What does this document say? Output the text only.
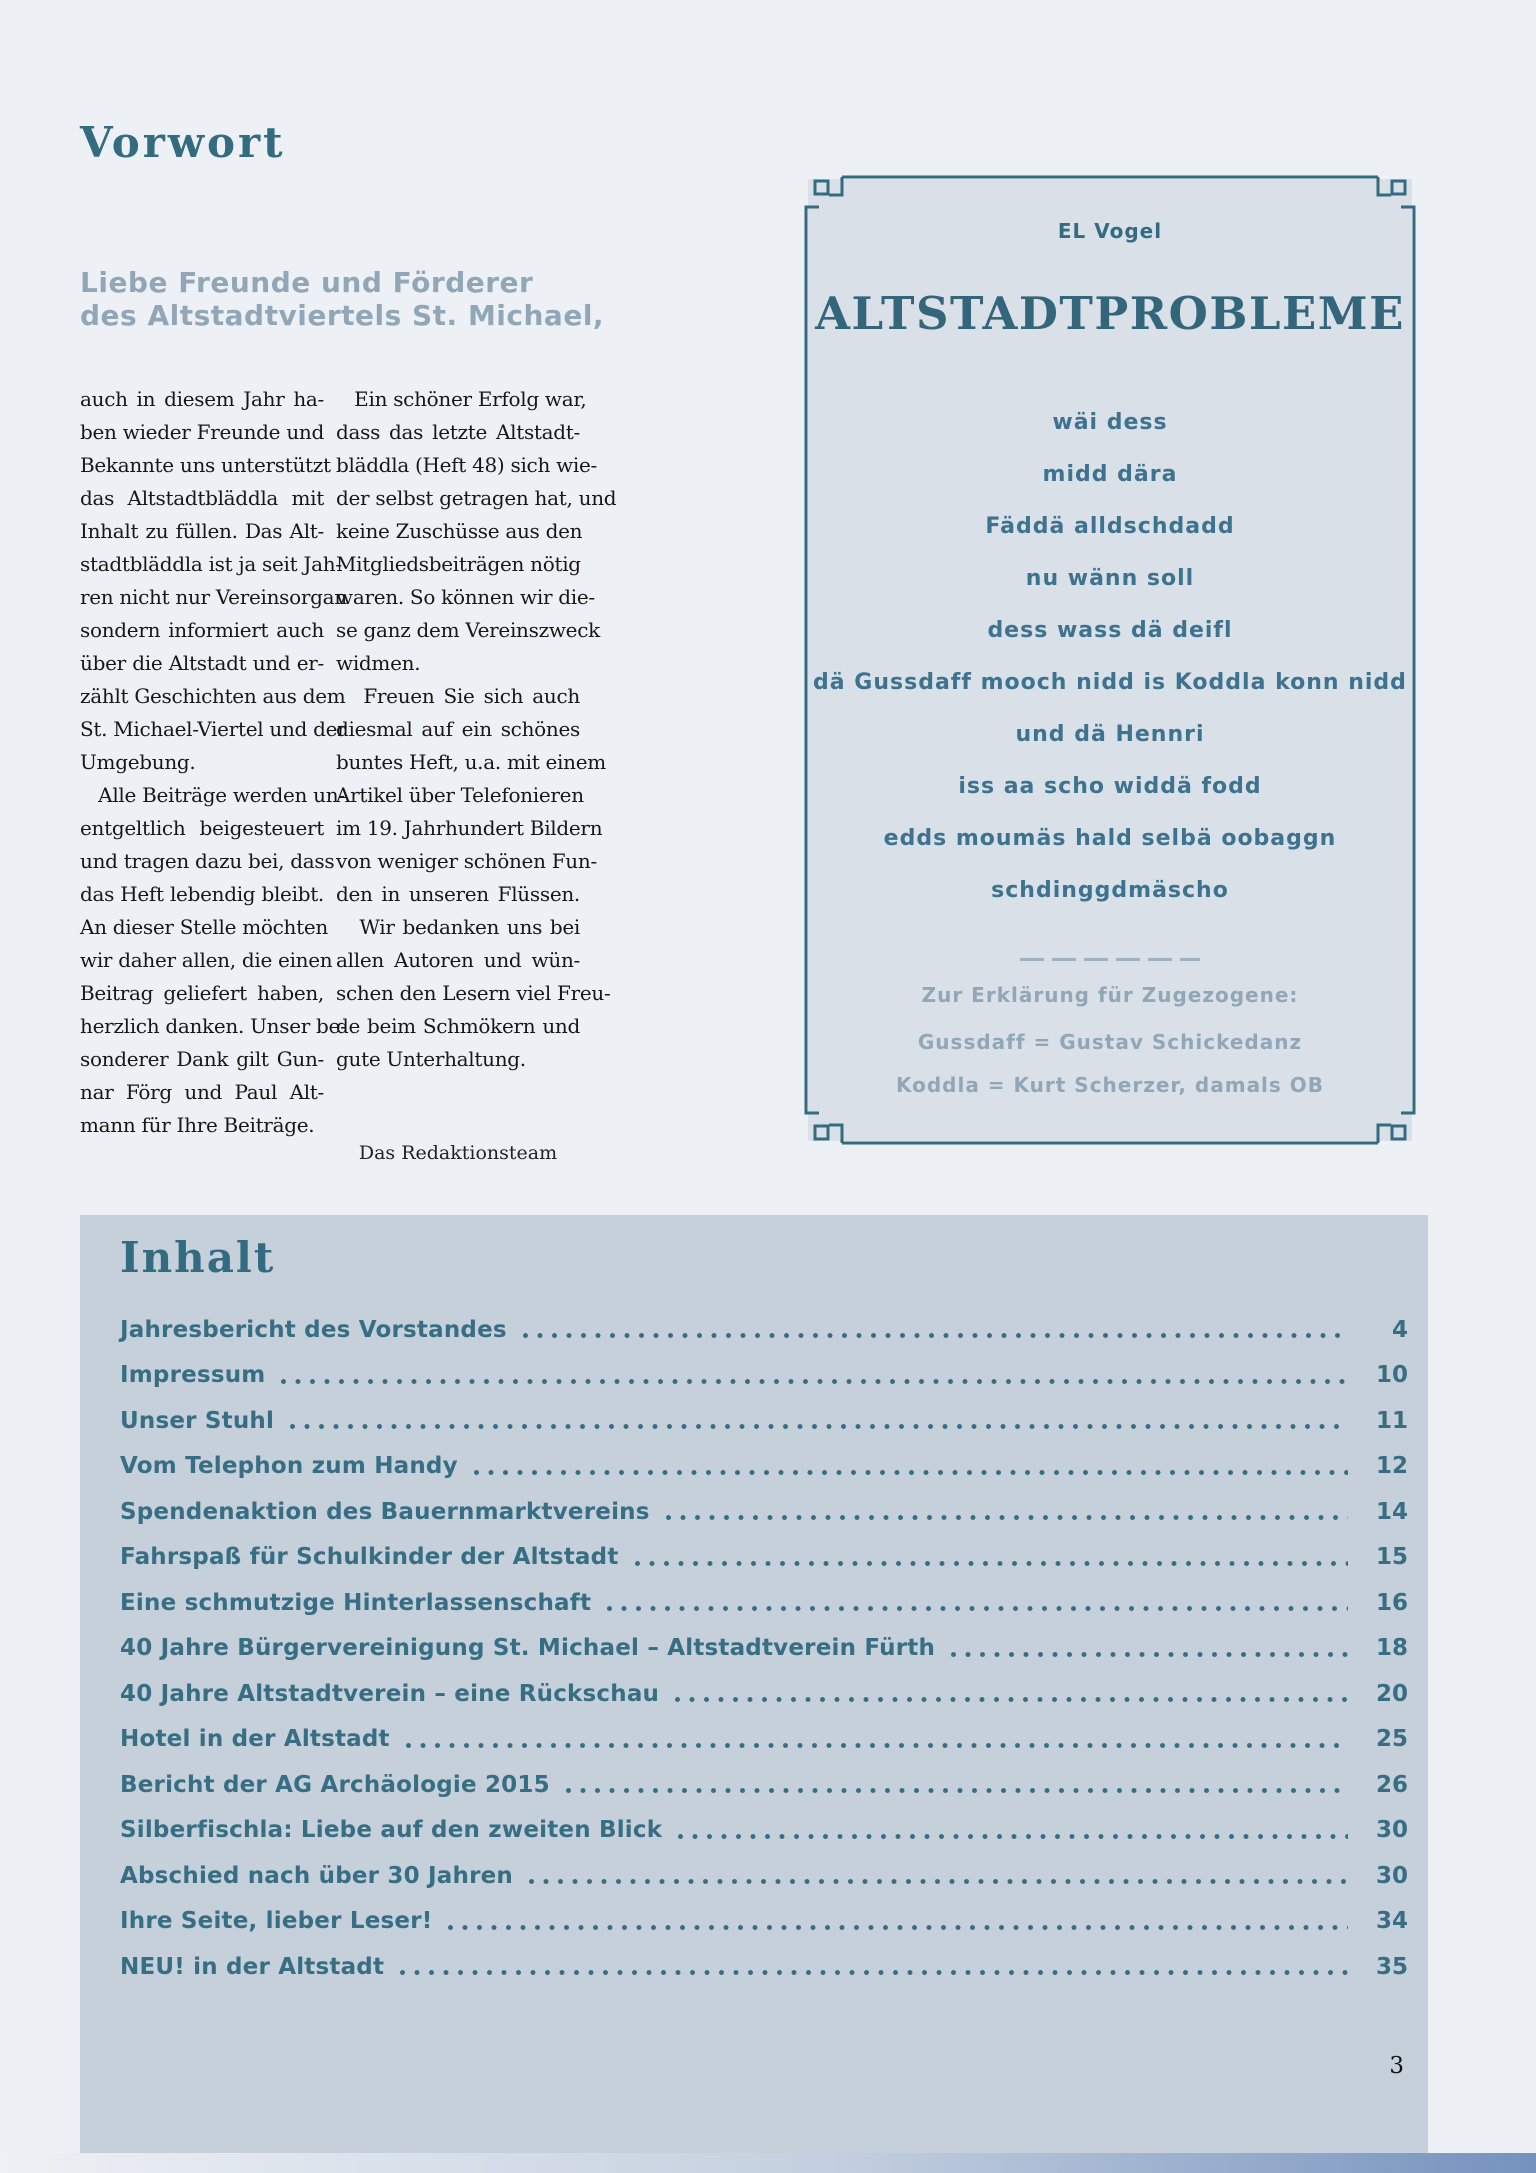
Vorwort
Liebe Freunde und Förderer
des Altstadtviertels St. Michael,
auch in diesem Jahr ha-
ben wieder Freunde und
Bekannte uns unterstützt
das Altstadtbläddla mit
Inhalt zu füllen. Das Alt-
stadtbläddla ist ja seit Jah-
ren nicht nur Vereinsorgan
sondern informiert auch
über die Altstadt und er-
zählt Geschichten aus dem
St. Michael-Viertel und der
Umgebung.
Alle Beiträge werden un-
entgeltlich beigesteuert
und tragen dazu bei, dass
das Heft lebendig bleibt.
An dieser Stelle möchten
wir daher allen, die einen
Beitrag geliefert haben,
herzlich danken. Unser be-
sonderer Dank gilt Gun-
nar Förg und Paul Alt-
mann für Ihre Beiträge.
Ein schöner Erfolg war,
dass das letzte Altstadt-
bläddla (Heft 48) sich wie-
der selbst getragen hat, und
keine Zuschüsse aus den
Mitgliedsbeiträgen nötig
waren. So können wir die-
se ganz dem Vereinszweck
widmen.
Freuen Sie sich auch
diesmal auf ein schönes
buntes Heft, u.a. mit einem
Artikel über Telefonieren
im 19. Jahrhundert Bildern
von weniger schönen Fun-
den in unseren Flüssen.
Wir bedanken uns bei
allen Autoren und wün-
schen den Lesern viel Freu-
de beim Schmökern und
gute Unterhaltung.
Das Redaktionsteam
EL Vogel
ALTSTADTPROBLEME
wäi dess
midd dära
Fäddä alldschdadd
nu wänn soll
dess wass dä deifl
dä Gussdaff mooch nidd is Koddla konn nidd
und dä Hennri
iss aa scho widdä fodd
edds moumäs hald selbä oobaggn
schdinggdmäscho
Zur Erklärung für Zugezogene:
Gussdaff = Gustav Schickedanz
Koddla = Kurt Scherzer, damals OB
Inhalt
Jahresbericht des Vorstandes	4
Impressum	10
Unser Stuhl	11
Vom Telephon zum Handy	12
Spendenaktion des Bauernmarktvereins	14
Fahrspaß für Schulkinder der Altstadt	15
Eine schmutzige Hinterlassenschaft	16
40 Jahre Bürgervereinigung St. Michael – Altstadtverein Fürth	18
40 Jahre Altstadtverein – eine Rückschau	20
Hotel in der Altstadt	25
Bericht der AG Archäologie 2015	26
Silberfischla: Liebe auf den zweiten Blick	30
Abschied nach über 30 Jahren	30
Ihre Seite, lieber Leser!	34
NEU! in der Altstadt	35
3
